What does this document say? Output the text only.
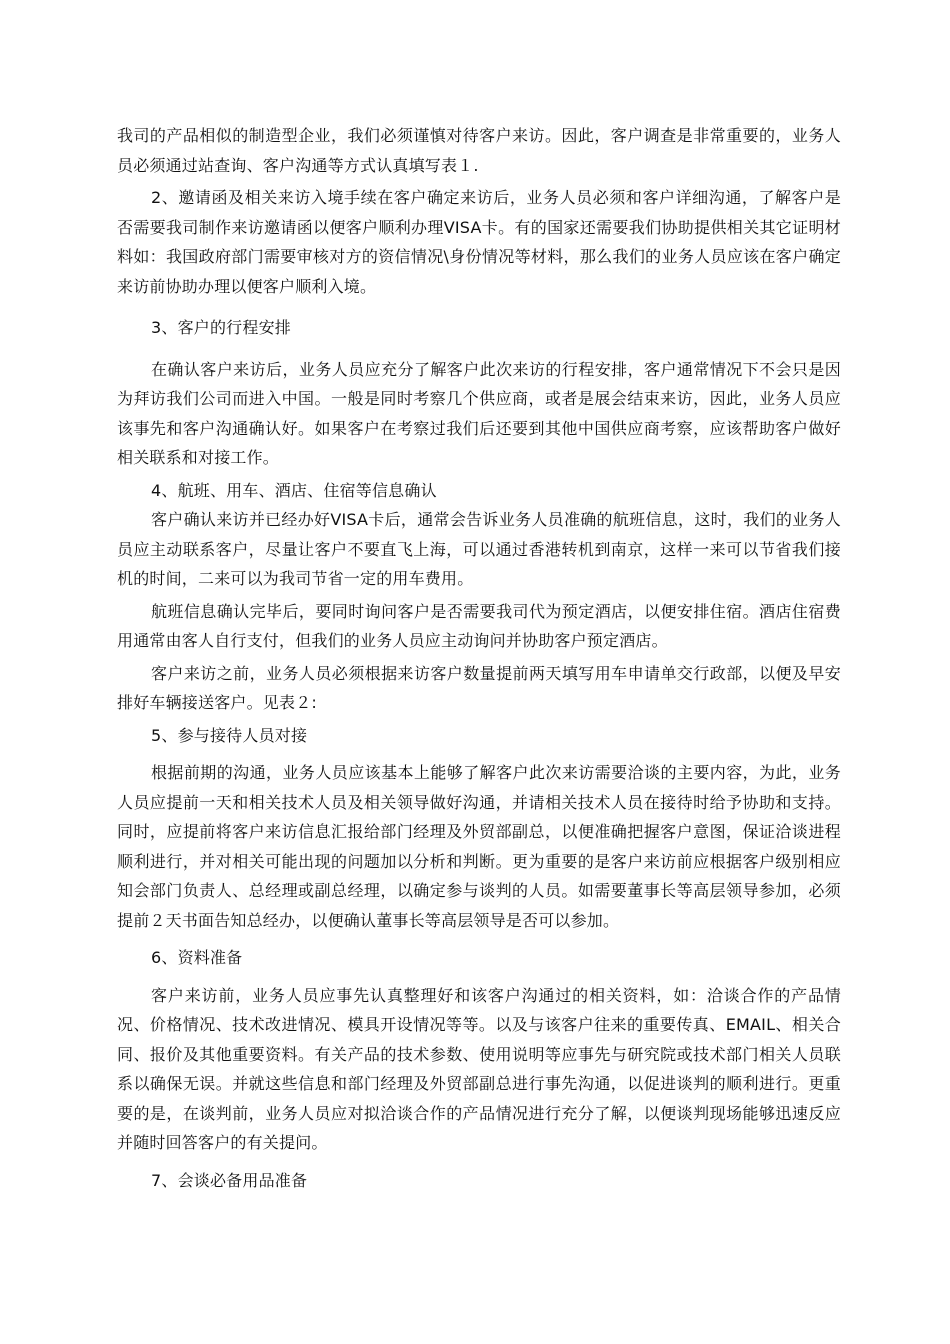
我司的产品相似的制造型企业，我们必须谨慎对待客户来访。因此，客户调查是非常重要的，业务人员必须通过站查询、客户沟通等方式认真填写表１.

2、邀请函及相关来访入境手续在客户确定来访后，业务人员必须和客户详细沟通，了解客户是否需要我司制作来访邀请函以便客户顺利办理VISA卡。有的国家还需要我们协助提供相关其它证明材料如：我国政府部门需要审核对方的资信情况\身份情况等材料，那么我们的业务人员应该在客户确定来访前协助办理以便客户顺利入境。

3、客户的行程安排

在确认客户来访后，业务人员应充分了解客户此次来访的行程安排，客户通常情况下不会只是因为拜访我们公司而进入中国。一般是同时考察几个供应商，或者是展会结束来访，因此，业务人员应该事先和客户沟通确认好。如果客户在考察过我们后还要到其他中国供应商考察，应该帮助客户做好相关联系和对接工作。

4、航班、用车、酒店、住宿等信息确认

客户确认来访并已经办好VISA卡后，通常会告诉业务人员准确的航班信息，这时，我们的业务人员应主动联系客户，尽量让客户不要直飞上海，可以通过香港转机到南京，这样一来可以节省我们接机的时间，二来可以为我司节省一定的用车费用。

航班信息确认完毕后，要同时询问客户是否需要我司代为预定酒店，以便安排住宿。酒店住宿费用通常由客人自行支付，但我们的业务人员应主动询问并协助客户预定酒店。

客户来访之前，业务人员必须根据来访客户数量提前两天填写用车申请单交行政部，以便及早安排好车辆接送客户。见表２:

5、参与接待人员对接

根据前期的沟通，业务人员应该基本上能够了解客户此次来访需要洽谈的主要内容，为此，业务人员应提前一天和相关技术人员及相关领导做好沟通，并请相关技术人员在接待时给予协助和支持。同时，应提前将客户来访信息汇报给部门经理及外贸部副总，以便准确把握客户意图，保证洽谈进程顺利进行，并对相关可能出现的问题加以分析和判断。更为重要的是客户来访前应根据客户级别相应知会部门负责人、总经理或副总经理，以确定参与谈判的人员。如需要董事长等高层领导参加，必须提前２天书面告知总经办，以便确认董事长等高层领导是否可以参加。

6、资料准备

客户来访前，业务人员应事先认真整理好和该客户沟通过的相关资料，如：洽谈合作的产品情况、价格情况、技术改进情况、模具开设情况等等。以及与该客户往来的重要传真、EMAIL、相关合同、报价及其他重要资料。有关产品的技术参数、使用说明等应事先与研究院或技术部门相关人员联系以确保无误。并就这些信息和部门经理及外贸部副总进行事先沟通，以促进谈判的顺利进行。更重要的是，在谈判前，业务人员应对拟洽谈合作的产品情况进行充分了解，以便谈判现场能够迅速反应并随时回答客户的有关提问。

7、会谈必备用品准备
